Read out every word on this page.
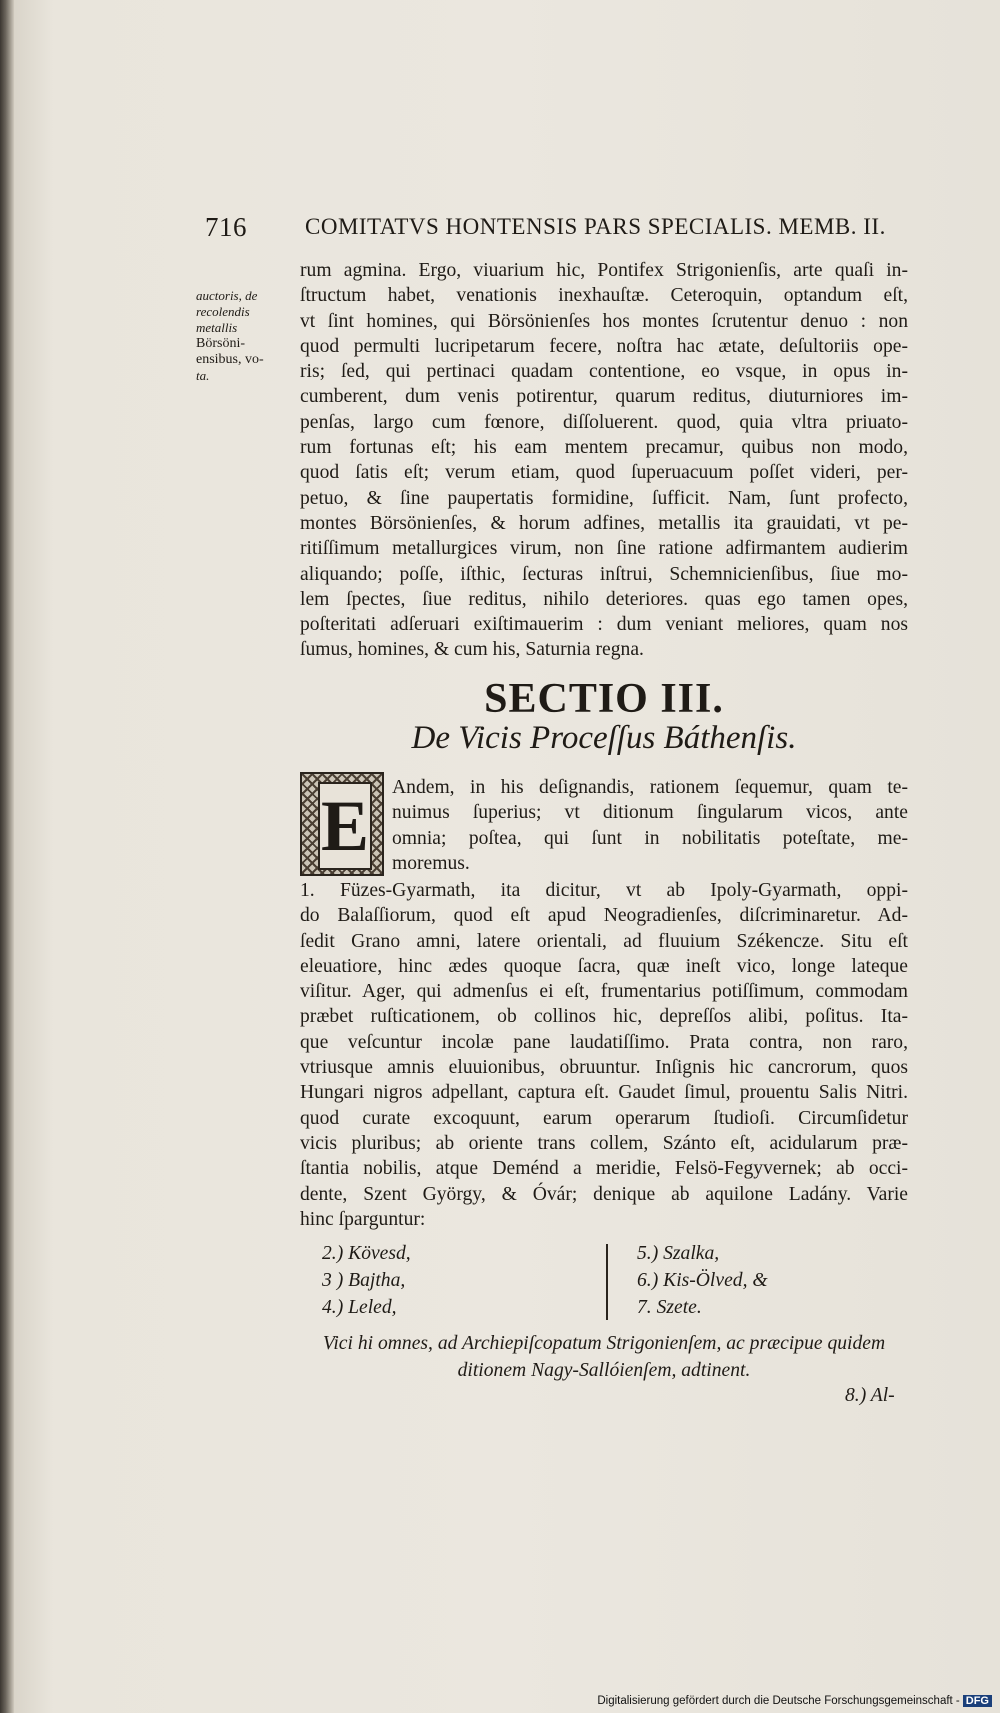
716	COMITATVS HONTENSIS PARS SPECIALIS. MEMB. II.
auctoris, de
recolendis
metallis
Börsöni-
ensibus, vo-
ta.
rum agmina. Ergo, viuarium hic, Pontifex Strigonienſis, arte quaſi in-
ſtructum habet, venationis inexhauſtæ. Ceteroquin, optandum eſt,
vt ſint homines, qui Börsönienſes hos montes ſcrutentur denuo : non
quod permulti lucripetarum fecere, noſtra hac ætate, deſultoriis ope-
ris; ſed, qui pertinaci quadam contentione, eo vsque, in opus in-
cumberent, dum venis potirentur, quarum reditus, diuturniores im-
penſas, largo cum fœnore, diſſoluerent. quod, quia vltra priuato-
rum fortunas eſt; his eam mentem precamur, quibus non modo,
quod ſatis eſt; verum etiam, quod ſuperuacuum poſſet videri, per-
petuo, & ſine paupertatis formidine, ſufficit. Nam, ſunt profecto,
montes Börsönienſes, & horum adfines, metallis ita grauidati, vt pe-
ritiſſimum metallurgices virum, non ſine ratione adfirmantem audierim
aliquando; poſſe, iſthic, ſecturas inſtrui, Schemnicienſibus, ſiue mo-
lem ſpectes, ſiue reditus, nihilo deteriores. quas ego tamen opes,
poſteritati adſeruari exiſtimauerim : dum veniant meliores, quam nos
ſumus, homines, & cum his, Saturnia regna.
SECTIO III.
De Vicis Proceſſus Báthenſis.
E Andem, in his deſignandis, rationem ſequemur, quam te-
nuimus ſuperius; vt ditionum ſingularum vicos, ante
omnia; poſtea, qui ſunt in nobilitatis poteſtate, me-
moremus.
1. Füzes-Gyarmath, ita dicitur, vt ab Ipoly-Gyarmath, oppi-
do Balaſſiorum, quod eſt apud Neogradienſes, diſcriminaretur. Ad-
ſedit Grano amni, latere orientali, ad fluuium Székencze. Situ eſt
eleuatiore, hinc ædes quoque ſacra, quæ ineſt vico, longe lateque
viſitur. Ager, qui admenſus ei eſt, frumentarius potiſſimum, commodam
præbet ruſticationem, ob collinos hic, depreſſos alibi, poſitus. Ita-
que veſcuntur incolæ pane laudatiſſimo. Prata contra, non raro,
vtriusque amnis eluuionibus, obruuntur. Inſignis hic cancrorum, quos
Hungari nigros adpellant, captura eſt. Gaudet ſimul, prouentu Salis Nitri.
quod curate excoquunt, earum operarum ſtudioſi. Circumſidetur
vicis pluribus; ab oriente trans collem, Szánto eſt, acidularum præ-
ſtantia nobilis, atque Deménd a meridie, Felsö-Fegyvernek; ab occi-
dente, Szent György, & Óvár; denique ab aquilone Ladány. Varie
hinc ſparguntur:
2.) Kövesd,
3 ) Bajtha,
4.) Leled,
5.) Szalka,
6.) Kis-Ölved, &
7. Szete.
Vici hi omnes, ad Archiepiſcopatum Strigonienſem, ac præcipue quidem
ditionem Nagy-Sallóienſem, adtinent.
8.) Al-
Digitalisierung gefördert durch die Deutsche Forschungsgemeinschaft - DFG
